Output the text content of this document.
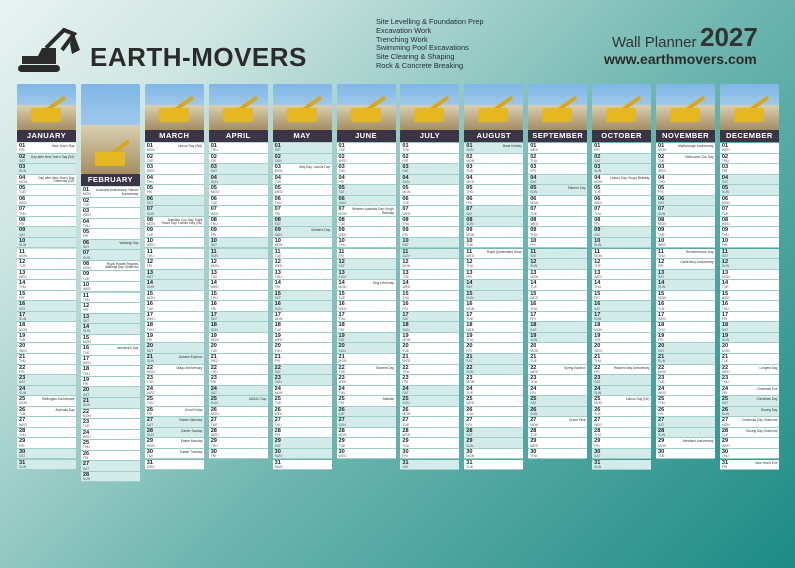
EARTH-MOVERS
Site Levelling & Foundation Prep
Excavation Work
Trenching Work
Swimming Pool Excavations
Site Clearing & Shaping
Rock & Concrete Breaking
Wall Planner 2027
www.earthmovers.com
JANUARY
01
FRI
New Year's Day
02
SAT
Day after New Year's Day (NZ)
03
SUN
04
MON
Day after New Year's Day Observed (NZ)
05
TUE
06
WED
07
THU
08
FRI
09
SAT
10
SUN
11
MON
12
TUE
13
WED
14
THU
15
FRI
16
SAT
17
SUN
18
MON
19
TUE
20
WED
21
THU
22
FRI
23
SAT
24
SUN
25
MON
Wellington Anniversary
26
TUE
Australia Day
27
WED
28
THU
29
FRI
30
SAT
31
SUN
FEBRUARY
01
MON
Auckland Anniversary; Nelson Anniversary
02
TUE
03
WED
04
THU
05
FRI
06
SAT
Waitangi Day
07
SUN
08
MON
Royal Hobart Regatta; Waitangi Day Observed
09
TUE
10
WED
11
THU
12
FRI
13
SAT
14
SUN
15
MON
16
TUE
Valentine's Day
17
WED
18
THU
19
FRI
20
SAT
21
SUN
22
MON
23
TUE
24
WED
25
THU
26
FRI
27
SAT
28
SUN
MARCH
01
MON
Labour Day (WA)
02
TUE
03
WED
04
THU
05
FRI
06
SAT
07
SUN
08
MON
Adelaide Cup Day; Eight Hours Day; Labour Day (Vic)
09
TUE
10
WED
11
THU
12
FRI
13
SAT
14
SUN
15
MON
16
TUE
17
WED
18
THU
19
FRI
20
SAT
21
SUN
Autumn Equinox
22
MON
Otago Anniversary
23
TUE
24
WED
25
THU
26
FRI
Good Friday
27
SAT
Easter Saturday
28
SUN
Easter Sunday
29
MON
Easter Monday
30
TUE
Easter Tuesday
31
WED
APRIL
01
THU
02
FRI
03
SAT
04
SUN
05
MON
06
TUE
07
WED
08
THU
09
FRI
10
SAT
11
SUN
12
MON
13
TUE
14
WED
15
THU
16
FRI
17
SAT
18
SUN
19
MON
20
TUE
21
WED
22
THU
23
FRI
24
SAT
25
SUN
ANZAC Day
26
MON
27
TUE
28
WED
29
THU
30
FRI
MAY
01
SAT
02
SUN
03
MON
May Day; Labour Day
04
TUE
05
WED
06
THU
07
FRI
08
SAT
09
SUN
Mother's Day
10
MON
11
TUE
12
WED
13
THU
14
FRI
15
SAT
16
SUN
17
MON
18
TUE
19
WED
20
THU
21
FRI
22
SAT
23
SUN
24
MON
25
TUE
26
WED
27
THU
28
FRI
29
SAT
30
SUN
31
MON
JUNE
01
TUE
02
WED
03
THU
04
FRI
05
SAT
06
SUN
07
MON
Western Australia Day; King's Birthday
08
TUE
09
WED
10
THU
11
FRI
12
SAT
13
SUN
14
MON
King's Birthday
15
TUE
16
WED
17
THU
18
FRI
19
SAT
20
SUN
21
MON
22
TUE
Shortest Day
23
WED
24
THU
25
FRI
Matariki
26
SAT
27
SUN
28
MON
29
TUE
30
WED
JULY
01
THU
02
FRI
03
SAT
04
SUN
05
MON
06
TUE
07
WED
08
THU
09
FRI
10
SAT
11
SUN
12
MON
13
TUE
14
WED
15
THU
16
FRI
17
SAT
18
SUN
19
MON
20
TUE
21
WED
22
THU
23
FRI
24
SAT
25
SUN
26
MON
27
TUE
28
WED
29
THU
30
FRI
31
SAT
AUGUST
01
SUN
Bank Holiday
02
MON
03
TUE
04
WED
05
THU
06
FRI
07
SAT
08
SUN
09
MON
10
TUE
11
WED
Royal Queensland Show
12
THU
13
FRI
14
SAT
15
SUN
16
MON
17
TUE
18
WED
19
THU
20
FRI
21
SAT
22
SUN
23
MON
24
TUE
25
WED
26
THU
27
FRI
28
SAT
29
SUN
30
MON
31
TUE
SEPTEMBER
01
WED
02
THU
03
FRI
04
SAT
05
SUN
Father's Day
06
MON
07
TUE
08
WED
09
THU
10
FRI
11
SAT
12
SUN
13
MON
14
TUE
15
WED
16
THU
17
FRI
18
SAT
19
SUN
20
MON
21
TUE
22
WED
Spring Equinox
23
THU
24
FRI
25
SAT
26
SUN
27
MON
Grand Final
28
TUE
29
WED
30
THU
OCTOBER
01
FRI
02
SAT
03
SUN
04
MON
Labour Day; King's Birthday
05
TUE
06
WED
07
THU
08
FRI
09
SAT
10
SUN
11
MON
12
TUE
13
WED
14
THU
15
FRI
16
SAT
17
SUN
18
MON
19
TUE
20
WED
21
THU
22
FRI
Hawke's Bay Anniversary
23
SAT
24
SUN
25
MON
Labour Day (NZ)
26
TUE
27
WED
28
THU
29
FRI
30
SAT
31
SUN
NOVEMBER
01
MON
Marlborough Anniversary
02
TUE
Melbourne Cup Day
03
WED
04
THU
05
FRI
06
SAT
07
SUN
08
MON
09
TUE
10
WED
11
THU
Remembrance Day
12
FRI
Canterbury Anniversary
13
SAT
14
SUN
15
MON
16
TUE
17
WED
18
THU
19
FRI
20
SAT
21
SUN
22
MON
23
TUE
24
WED
25
THU
26
FRI
27
SAT
28
SUN
29
MON
Westland Anniversary
30
TUE
DECEMBER
01
WED
02
THU
03
FRI
04
SAT
05
SUN
06
MON
07
TUE
08
WED
09
THU
10
FRI
11
SAT
12
SUN
13
MON
14
TUE
15
WED
16
THU
17
FRI
18
SAT
19
SUN
20
MON
21
TUE
22
WED
Longest Day
23
THU
24
FRI
Christmas Eve
25
SAT
Christmas Day
26
SUN
Boxing Day
27
MON
Christmas Day Observed
28
TUE
Boxing Day Observed
29
WED
30
THU
31
FRI
New Year's Eve
